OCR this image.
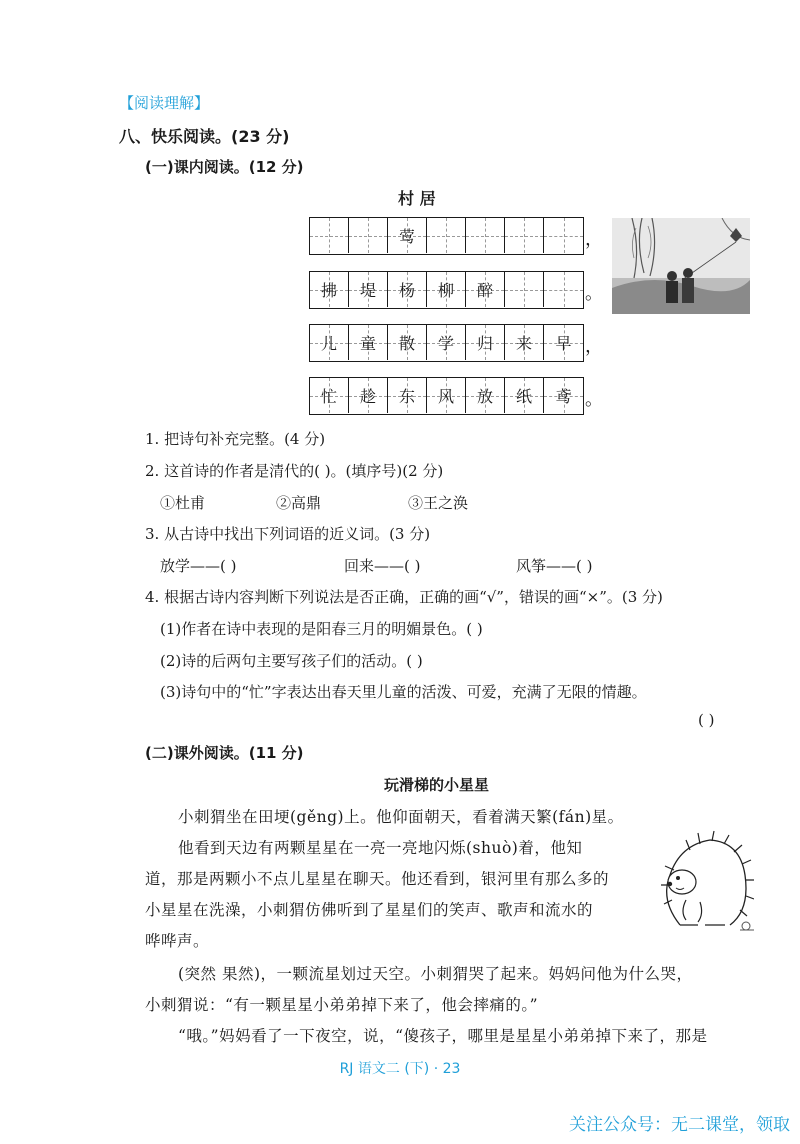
【阅读理解】
八、快乐阅读。(23 分)
(一)课内阅读。(12 分)
村 居
莺	，
拂 堤 杨 柳 醉	。
儿 童 散 学 归 来 早 ，
忙 趁 东 风 放 纸 鸢 。
1. 把诗句补充完整。(4 分)
2. 这首诗的作者是清代的( )。(填序号)(2 分)
①杜甫	②高鼎	③王之涣
3. 从古诗中找出下列词语的近义词。(3 分)
放学——( )	回来——( )	风筝——( )
4. 根据古诗内容判断下列说法是否正确，正确的画“√”，错误的画“×”。(3 分)
(1)作者在诗中表现的是阳春三月的明媚景色。( )
(2)诗的后两句主要写孩子们的活动。( )
(3)诗句中的“忙”字表达出春天里儿童的活泼、可爱，充满了无限的情趣。
( )
(二)课外阅读。(11 分)
玩滑梯的小星星
小刺猬坐在田埂(gěng)上。他仰面朝天，看着满天繁(fán)星。
他看到天边有两颗星星在一亮一亮地闪烁(shuò)着，他知
道，那是两颗小不点儿星星在聊天。他还看到，银河里有那么多的
小星星在洗澡，小刺猬仿佛听到了星星们的笑声、歌声和流水的
哗哗声。
(突然 果然)，一颗流星划过天空。小刺猬哭了起来。妈妈问他为什么哭，
小刺猬说：“有一颗星星小弟弟掉下来了，他会摔痛的。”
“哦。”妈妈看了一下夜空，说，“傻孩子，哪里是星星小弟弟掉下来了，那是
RJ 语文二 (下) · 23
关注公众号：无二课堂，领取
